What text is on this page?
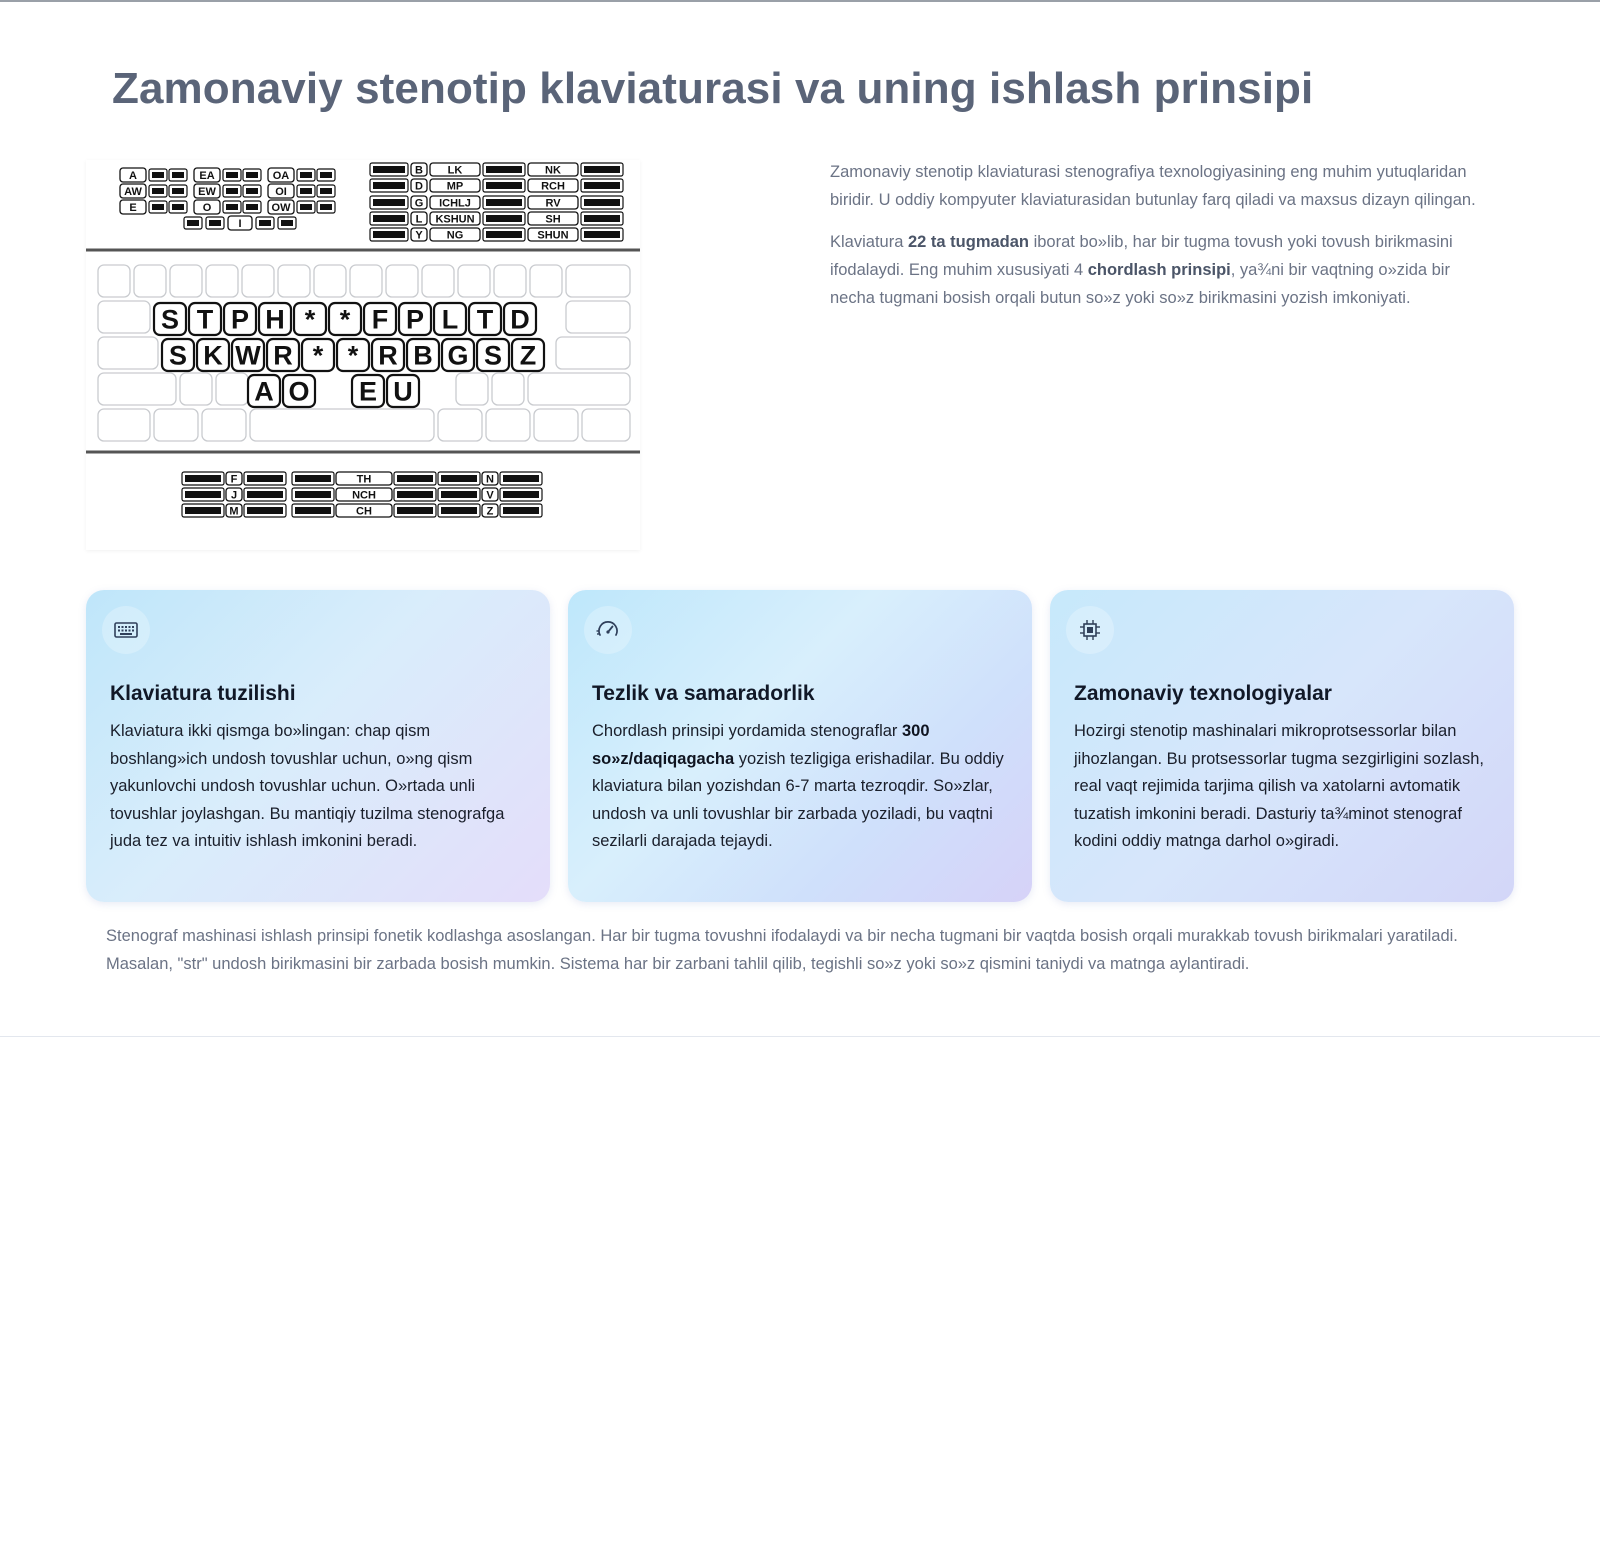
Zamonaviy stenotip klaviaturasi va uning ishlash prinsipi
A	EA	OA
AW	EW	OI
E	O	OW
I
B LK	NK
D MP	RCH
G ICHLJ	RV
L KSHUN	SH
Y NG	SHUN
S T P H * * F P L T D
S K W R * * R B G S Z
A O E U
F	TH	N
J	NCH	V
M	CH	Z

Zamonaviy stenotip klaviaturasi stenografiya texnologiyasining eng muhim yutuqlaridan biridir. U oddiy kompyuter klaviaturasidan butunlay farq qiladi va maxsus dizayn qilingan.

Klaviatura 22 ta tugmadan iborat bo»lib, har bir tugma tovush yoki tovush birikmasini ifodalaydi. Eng muhim xususiyati 4 chordlash prinsipi, ya¾ni bir vaqtning o»zida bir necha tugmani bosish orqali butun so»z yoki so»z birikmasini yozish imkoniyati.

Klaviatura tuzilishi

Klaviatura ikki qismga bo»lingan: chap qism boshlang»ich undosh tovushlar uchun, o»ng qism yakunlovchi undosh tovushlar uchun. O»rtada unli tovushlar joylashgan. Bu mantiqiy tuzilma stenografga juda tez va intuitiv ishlash imkonini beradi.

Tezlik va samaradorlik

Chordlash prinsipi yordamida stenograflar 300 so»z/daqiqagacha yozish tezligiga erishadilar. Bu oddiy klaviatura bilan yozishdan 6-7 marta tezroqdir. So»zlar, undosh va unli tovushlar bir zarbada yoziladi, bu vaqtni sezilarli darajada tejaydi.

Zamonaviy texnologiyalar

Hozirgi stenotip mashinalari mikroprotsessorlar bilan jihozlangan. Bu protsessorlar tugma sezgirligini sozlash, real vaqt rejimida tarjima qilish va xatolarni avtomatik tuzatish imkonini beradi. Dasturiy ta¾minot stenograf kodini oddiy matnga darhol o»giradi.

Stenograf mashinasi ishlash prinsipi fonetik kodlashga asoslangan. Har bir tugma tovushni ifodalaydi va bir necha tugmani bir vaqtda bosish orqali murakkab tovush birikmalari yaratiladi. Masalan, "str" undosh birikmasini bir zarbada bosish mumkin. Sistema har bir zarbani tahlil qilib, tegishli so»z yoki so»z qismini taniydi va matnga aylantiradi.
